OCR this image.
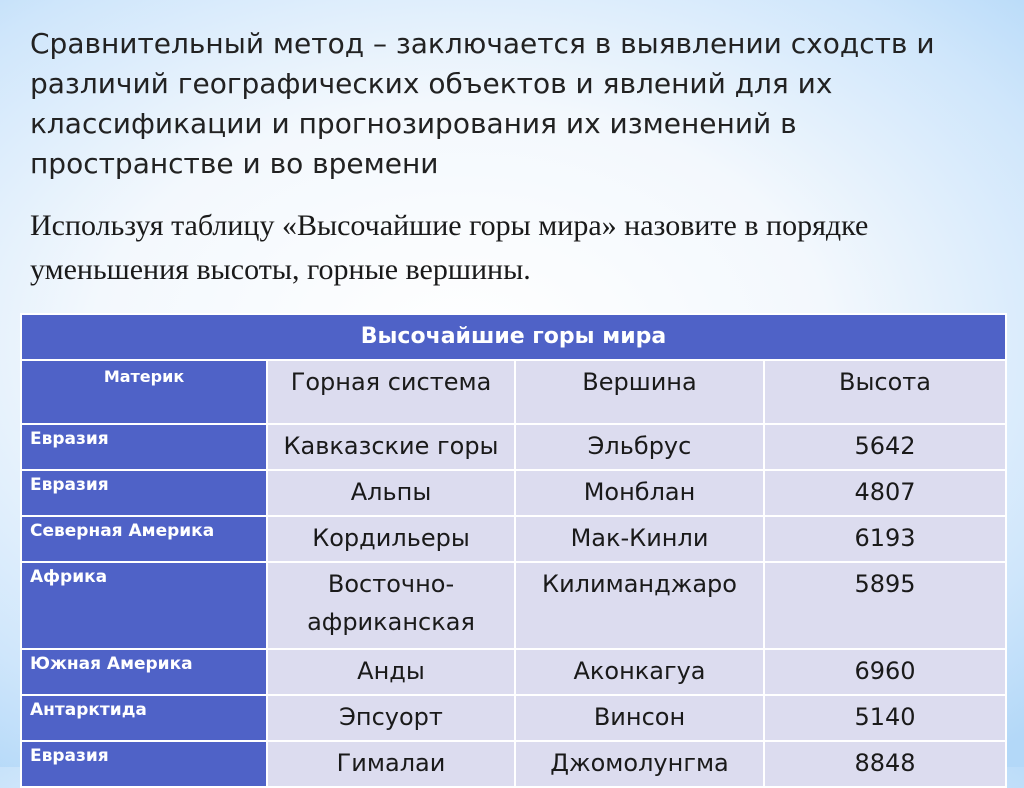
Сравнительный метод – заключается в выявлении сходств и различий географических объектов и явлений для их классификации и прогнозирования их изменений в пространстве и во времени
Используя таблицу «Высочайшие горы мира» назовите в порядке уменьшения высоты, горные вершины.
Высочайшие горы мира			
Материк	Горная система	Вершина	Высота
Евразия	Кавказские горы	Эльбрус	5642
Евразия	Альпы	Монблан	4807
Северная Америка	Кордильеры	Мак-Кинли	6193
Африка	Восточно-африканская	Килиманджаро	5895
Южная Америка	Анды	Аконкагуа	6960
Антарктида	Эпсуорт	Винсон	5140
Евразия	Гималаи	Джомолунгма	8848
